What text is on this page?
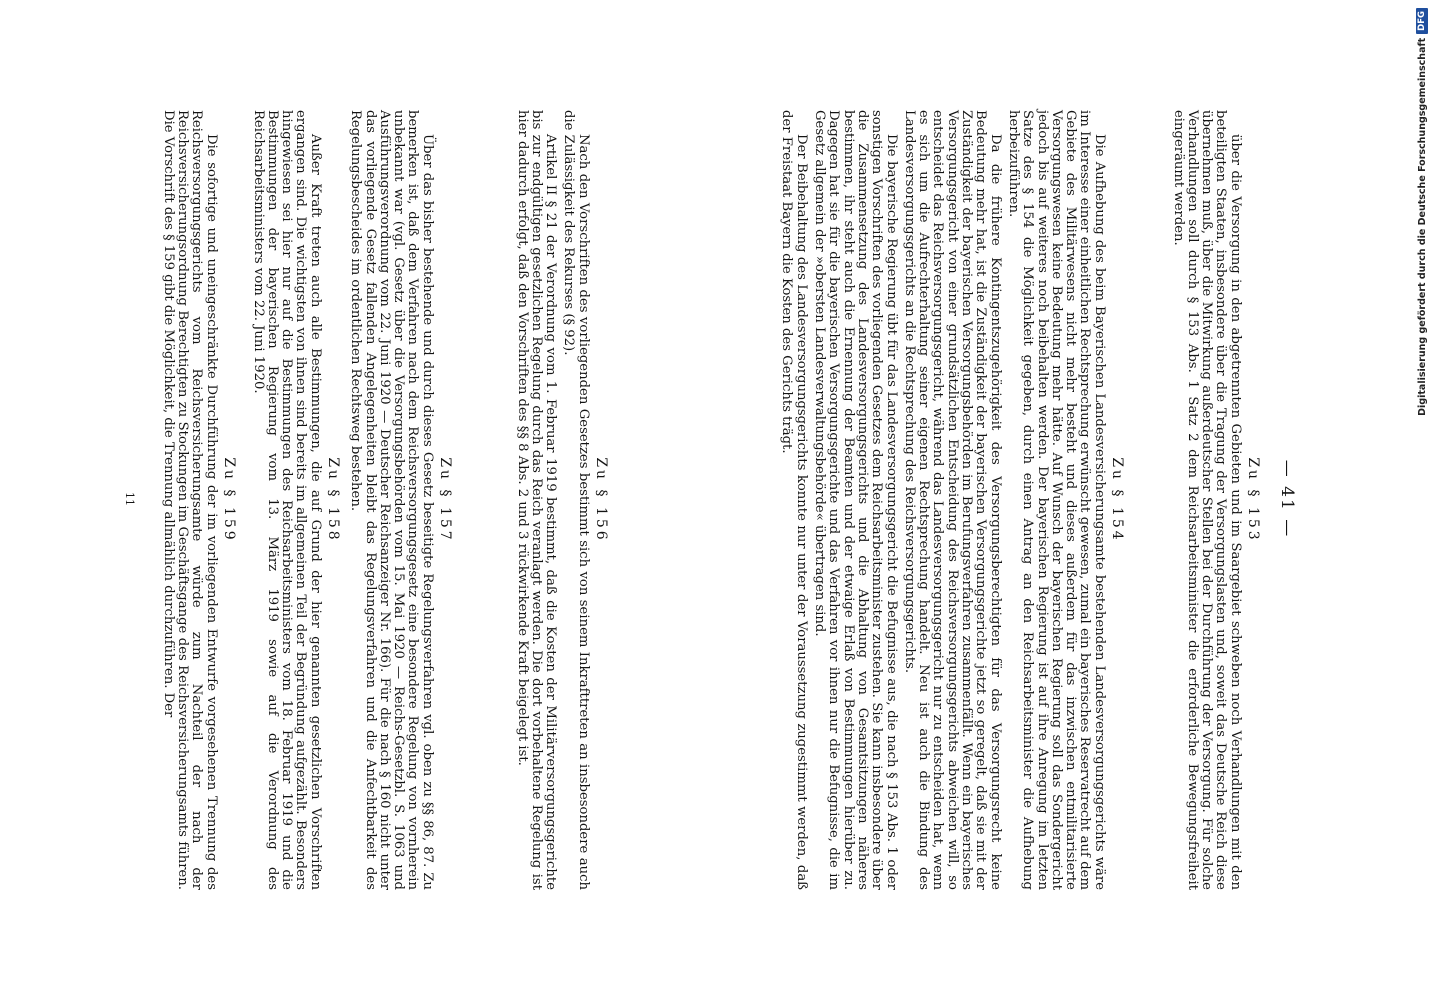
— 41 —
Zu § 153

über die Versorgung in den abgetrennten Gebieten und im Saargebiet schweben noch Verhandlungen mit den beteiligten Staaten, insbesondere über die Tragung der Versorgungslasten und, soweit das Deutsche Reich diese übernehmen muß, über die Mitwirkung außerdeutscher Stellen bei der Durchführung der Versorgung. Für solche Verhandlungen soll durch § 153 Abs. 1 Satz 2 dem Reichsarbeitsminister die erforderliche Bewegungsfreiheit eingeräumt werden.

Zu § 154

Die Aufhebung des beim Bayerischen Landesversicherungsamte bestehenden Landesversorgungsgerichts wäre im Interesse einer einheitlichen Rechtsprechung erwünscht gewesen, zumal ein bayerisches Reservatrecht auf dem Gebiete des Militärwesens nicht mehr besteht und dieses außerdem für das inzwischen entmilitarisierte Versorgungswesen keine Bedeutung mehr hätte. Auf Wunsch der bayerischen Regierung soll das Sondergericht jedoch bis auf weiteres noch beibehalten werden. Der bayerischen Regierung ist auf ihre Anregung im letzten Satze des § 154 die Möglichkeit gegeben, durch einen Antrag an den Reichsarbeitsminister die Aufhebung herbeizuführen.

Da die frühere Kontingentszugehörigkeit des Versorgungsberechtigten für das Versorgungsrecht keine Bedeutung mehr hat, ist die Zuständigkeit der bayerischen Versorgungsgerichte jetzt so geregelt, daß sie mit der Zuständigkeit der bayerischen Versorgungsbehörden im Berufungsverfahren zusammenfällt. Wenn ein bayerisches Versorgungsgericht von einer grundsätzlichen Entscheidung des Reichsversorgungsgerichts abweichen will, so entscheidet das Reichsversorgungsgericht, während das Landesversorgungsgericht nur zu entscheiden hat, wenn es sich um die Aufrechterhaltung seiner eigenen Rechtsprechung handelt. Neu ist auch die Bindung des Landesversorgungsgerichts an die Rechtsprechung des Reichsversorgungsgerichts.

Die bayerische Regierung übt für das Landesversorgungsgericht die Befugnisse aus, die nach § 153 Abs. 1 oder sonstigen Vorschriften des vorliegenden Gesetzes dem Reichsarbeitsminister zustehen. Sie kann insbesondere über die Zusammensetzung des Landesversorgungsgerichts und die Abhaltung von Gesamtsitzungen näheres bestimmen, ihr steht auch die Ernennung der Beamten und der etwaige Erlaß von Bestimmungen hierüber zu. Dagegen hat sie für die bayerischen Versorgungsgerichte und das Verfahren vor ihnen nur die Befugnisse, die im Gesetz allgemein der »obersten Landesverwaltungsbehörde« übertragen sind.

Der Beibehaltung des Landesversorgungsgerichts konnte nur unter der Voraussetzung zugestimmt werden, daß der Freistaat Bayern die Kosten des Gerichts trägt.

Zu § 156

Nach den Vorschriften des vorliegenden Gesetzes bestimmt sich von seinem Inkrafttreten an insbesondere auch die Zulässigkeit des Rekurses (§ 92).

Artikel II § 21 der Verordnung vom 1. Februar 1919 bestimmt, daß die Kosten der Militärversorgungsgerichte bis zur endgültigen gesetzlichen Regelung durch das Reich veranlagt werden. Die dort vorbehaltene Regelung ist hier dadurch erfolgt, daß den Vorschriften des §§ 8 Abs. 2 und 3 rückwirkende Kraft beigelegt ist.

Zu § 157

Über das bisher bestehende und durch dieses Gesetz beseitigte Regelungsverfahren vgl. oben zu §§ 86, 87. Zu bemerken ist, daß dem Verfahren nach dem Reichsversorgungsgesetz eine besondere Regelung von vornherein unbekannt war (vgl. Gesetz über die Versorgungsbehörden vom 15. Mai 1920 — Reichs-Gesetzbl. S. 1063 und Ausführungsverordnung vom 22. Juni 1920 — Deutscher Reichsanzeiger Nr. 166). Für die nach § 160 nicht unter das vorliegende Gesetz fallenden Angelegenheiten bleibt das Regelungsverfahren und die Anfechtbarkeit des Regelungsbescheides im ordentlichen Rechtsweg bestehen.

Zu § 158

Außer Kraft treten auch alle Bestimmungen, die auf Grund der hier genannten gesetzlichen Vorschriften ergangen sind. Die wichtigsten von ihnen sind bereits im allgemeinen Teil der Begründung aufgezählt. Besonders hingewiesen sei hier nur auf die Bestimmungen des Reichsarbeitsministers vom 18. Februar 1919 und die Bestimmungen der bayerischen Regierung vom 13. März 1919 sowie auf die Verordnung des Reichsarbeitsministers vom 22. Juni 1920.

Zu § 159

Die sofortige und uneingeschränkte Durchführung der im vorliegenden Entwurfe vorgesehenen Trennung des Reichsversorgungsgerichts vom Reichsversicherungsamte würde zum Nachteil der nach der Reichsversicherungsordnung Berechtigten zu Stockungen im Geschäftsgange des Reichsversicherungsamts führen. Die Vorschrift des § 159 gibt die Möglichkeit, die Trennung allmählich durchzuführen. Der

11
Digitalisierung gefördert durch die Deutsche Forschungsgemeinschaft
DFG
